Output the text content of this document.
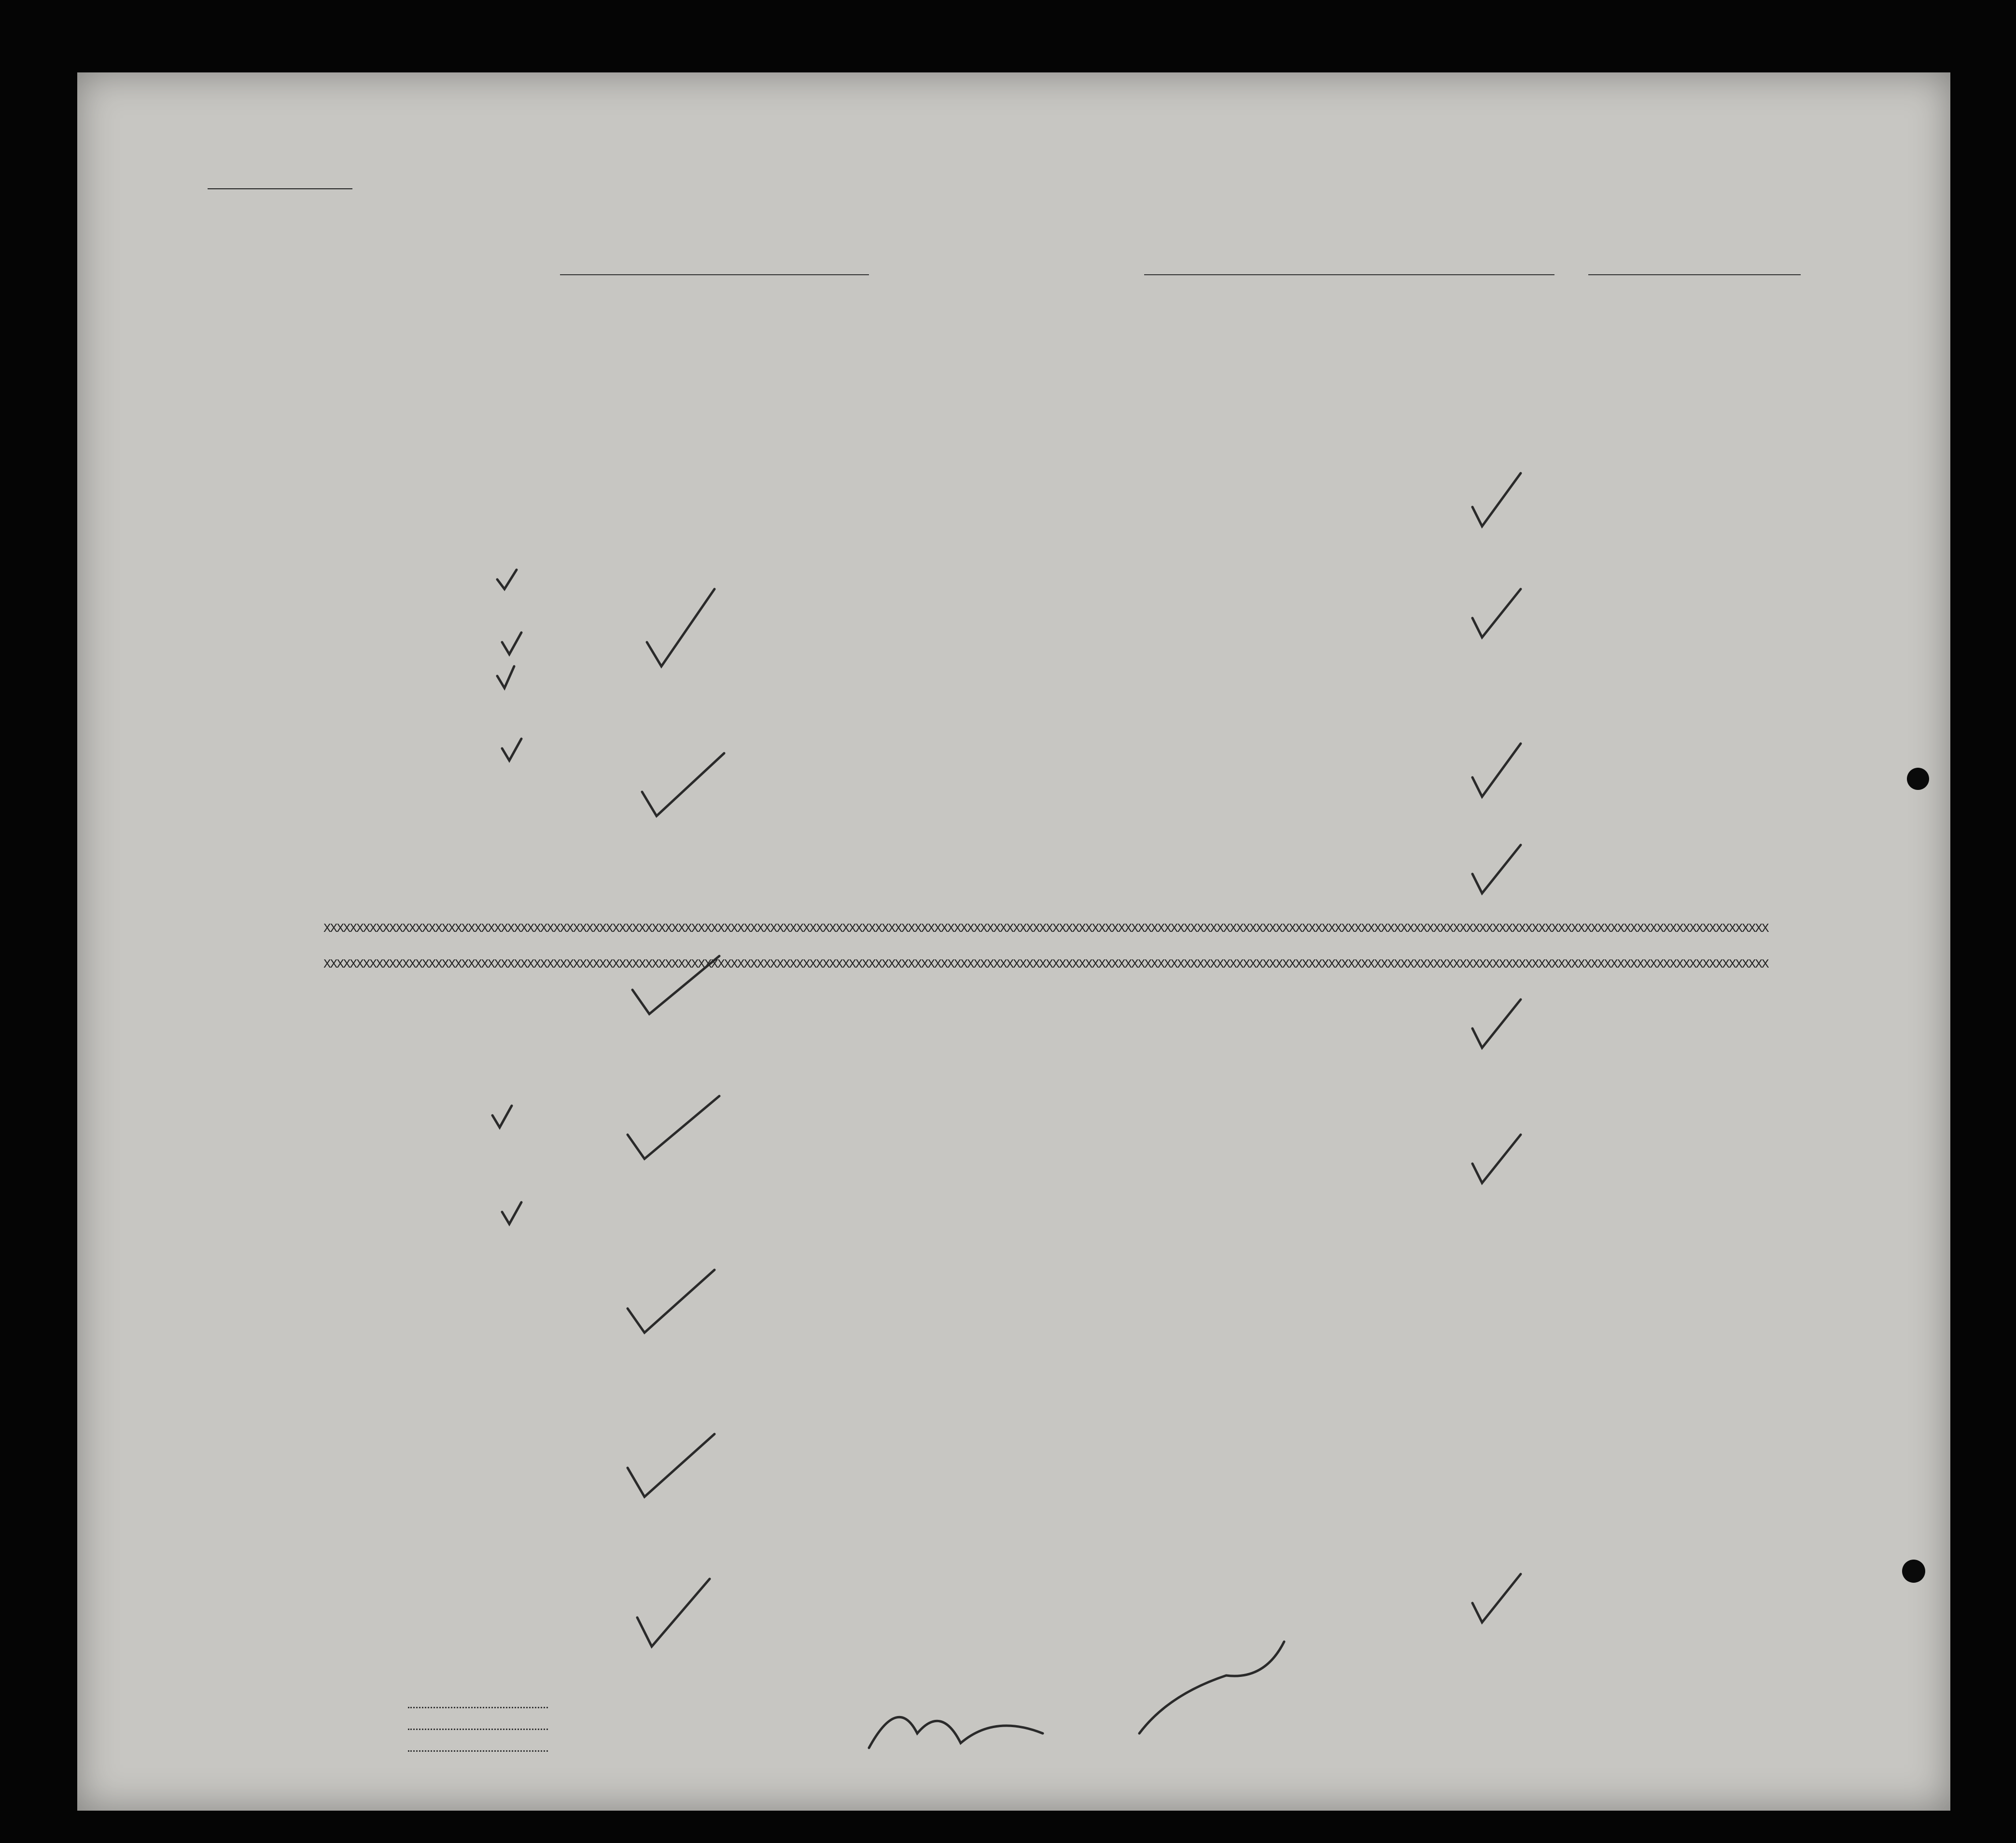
XXXXXXXXXXXXXXXXXXXXXXXXXXXXXXXXXXXXXXXXXXXXXXXXXXXXXXXXXXXXXXXXXXXXXXXXXXXXXXXXXXXXXXXXXXXXXXXXXXXXXXXXXXXXXXXXXXXXXXXXXXXXXXXXXXXXXXXXXXXXXXXXXXXXXXXXXXXXXXXXXXXXXXXXXXXXXXXXXXXXXXXXXXXXXXXXXXXXXXXXXXXXXXXXXXXXXXXXXXXX
XXXXXXXXXXXXXXXXXXXXXXXXXXXXXXXXXXXXXXXXXXXXXXXXXXXXXXXXXXXXXXXXXXXXXXXXXXXXXXXXXXXXXXXXXXXXXXXXXXXXXXXXXXXXXXXXXXXXXXXXXXXXXXXXXXXXXXXXXXXXXXXXXXXXXXXXXXXXXXXXXXXXXXXXXXXXXXXXXXXXXXXXXXXXXXXXXXXXXXXXXXXXXXXXXXXXXXXXXXXX
